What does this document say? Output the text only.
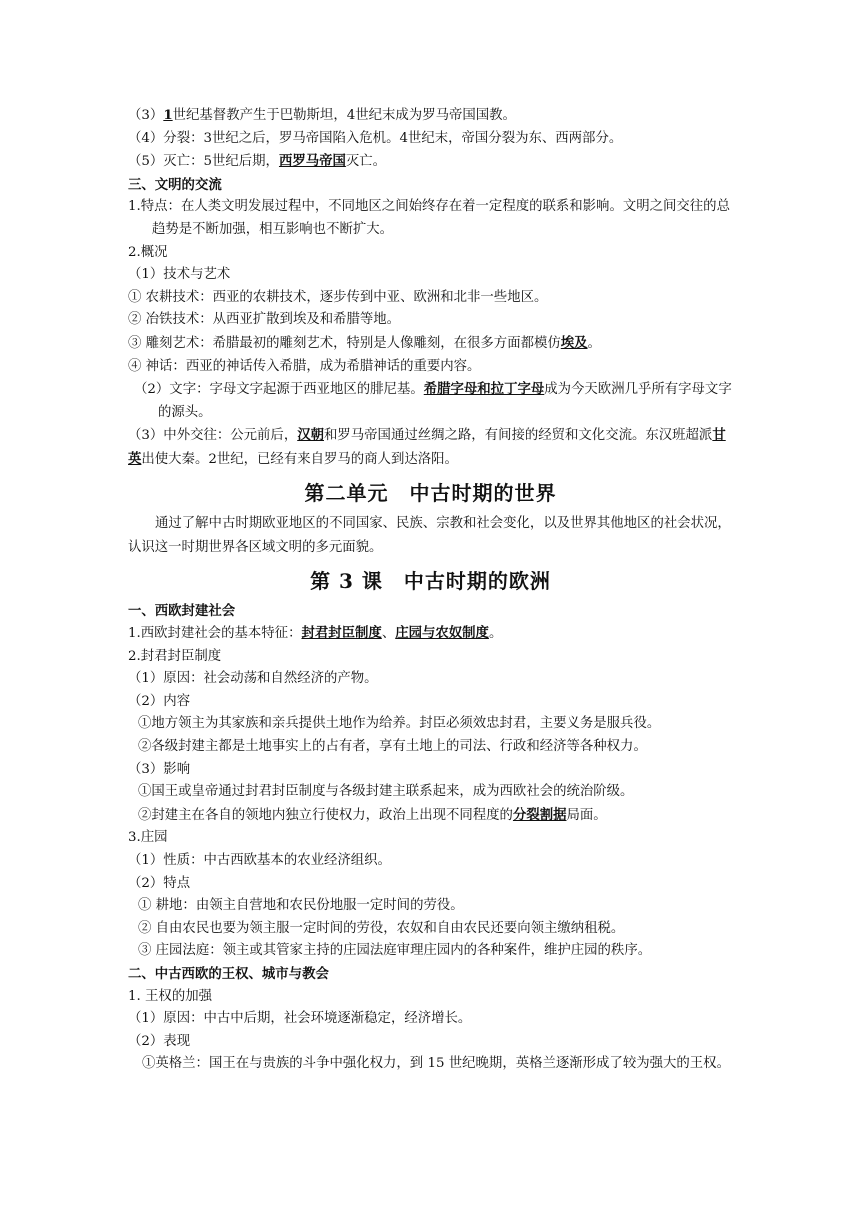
（3）1世纪基督教产生于巴勒斯坦，4世纪末成为罗马帝国国教。
（4）分裂：3世纪之后，罗马帝国陷入危机。4世纪末，帝国分裂为东、西两部分。
（5）灭亡：5世纪后期，西罗马帝国灭亡。
三、文明的交流
1.特点：在人类文明发展过程中，不同地区之间始终存在着一定程度的联系和影响。文明之间交往的总趋势是不断加强，相互影响也不断扩大。
2.概况
（1）技术与艺术
① 农耕技术：西亚的农耕技术，逐步传到中亚、欧洲和北非一些地区。
② 冶铁技术：从西亚扩散到埃及和希腊等地。
③ 雕刻艺术：希腊最初的雕刻艺术，特别是人像雕刻，在很多方面都模仿埃及。
④ 神话：西亚的神话传入希腊，成为希腊神话的重要内容。
（2）文字：字母文字起源于西亚地区的腓尼基。希腊字母和拉丁字母成为今天欧洲几乎所有字母文字的源头。
（3）中外交往：公元前后，汉朝和罗马帝国通过丝绸之路，有间接的经贸和文化交流。东汉班超派甘英出使大秦。2世纪，已经有来自罗马的商人到达洛阳。
第二单元　中古时期的世界
通过了解中古时期欧亚地区的不同国家、民族、宗教和社会变化，以及世界其他地区的社会状况，认识这一时期世界各区域文明的多元面貌。
第 3 课　中古时期的欧洲
一、西欧封建社会
1.西欧封建社会的基本特征：封君封臣制度、庄园与农奴制度。
2.封君封臣制度
（1）原因：社会动荡和自然经济的产物。
（2）内容
①地方领主为其家族和亲兵提供土地作为给养。封臣必须效忠封君，主要义务是服兵役。
②各级封建主都是土地事实上的占有者，享有土地上的司法、行政和经济等各种权力。
（3）影响
①国王或皇帝通过封君封臣制度与各级封建主联系起来，成为西欧社会的统治阶级。
②封建主在各自的领地内独立行使权力，政治上出现不同程度的分裂割据局面。
3.庄园
（1）性质：中古西欧基本的农业经济组织。
（2）特点
① 耕地：由领主自营地和农民份地服一定时间的劳役。
② 自由农民也要为领主服一定时间的劳役，农奴和自由农民还要向领主缴纳租税。
③ 庄园法庭：领主或其管家主持的庄园法庭审理庄园内的各种案件，维护庄园的秩序。
二、中古西欧的王权、城市与教会
1. 王权的加强
（1）原因：中古中后期，社会环境逐渐稳定，经济增长。
（2）表现
①英格兰：国王在与贵族的斗争中强化权力，到 15 世纪晚期，英格兰逐渐形成了较为强大的王权。
